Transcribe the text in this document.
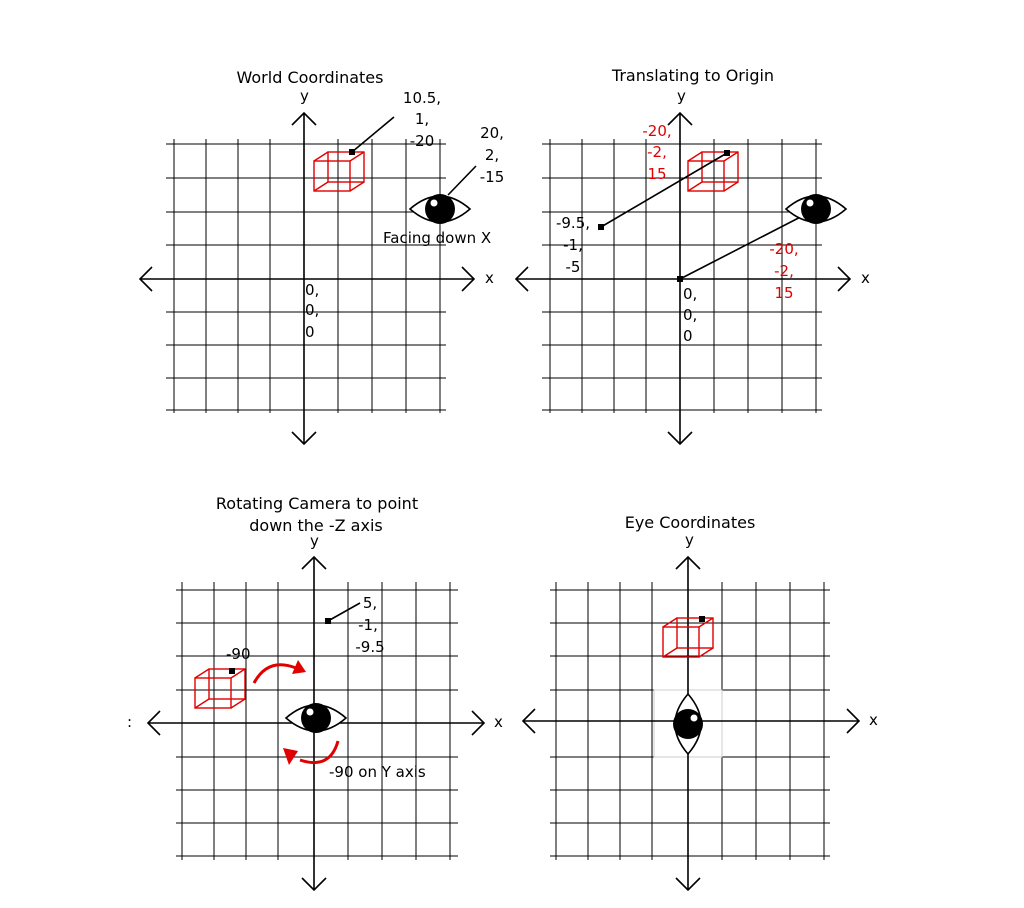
World Coordinates
x
y
0,
0,
0
10.5,
1,
-20	20,
2,
-15
Facing down X
Translating to Origin
x
y
0,
0,
0
-20,
-2,
15
-9.5,
-1,
-5
-20,
-2,
15
Rotating Camera to point
down the -Z axis
x
y
:
5,
-1,
-9.5
-90
-90 on Y axis
Eye Coordinates
x
y
